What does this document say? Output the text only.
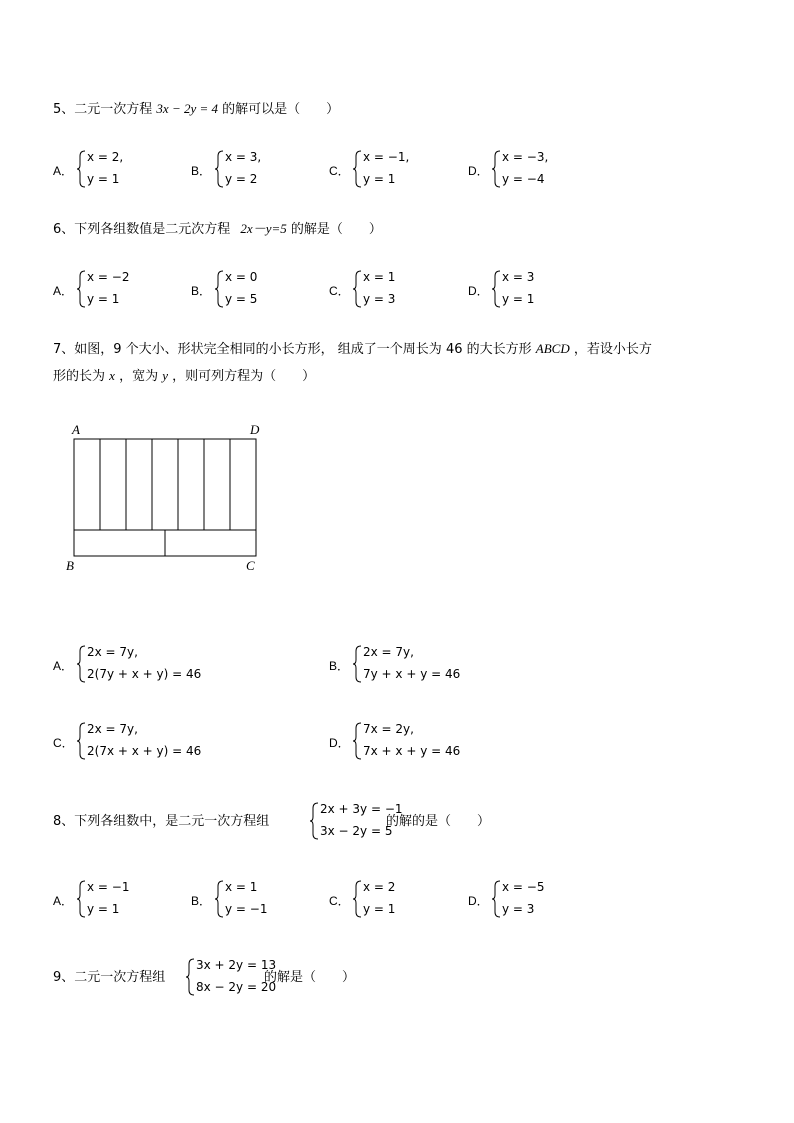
5、二元一次方程 3x − 2y = 4 的解可以是（　　）
A．
x = 2,
y = 1
B．
x = 3,
y = 2
C．
x = −1,
y = 1
D．
x = −3,
y = −4
6、下列各组数值是二元次方程 2x－y=5 的解是（　　）
A．
x = −2
y = 1
B．
x = 0
y = 5
C．
x = 1
y = 3
D．
x = 3
y = 1
7、如图，9 个大小、形状完全相同的小长方形， 组成了一个周长为 46 的大长方形 ABCD ，若设小长方
形的长为 x ，宽为 y ，则可列方程为（　　）
A	D
B	C
A．
2x = 7y,
2(7y + x + y) = 46
B．
2x = 7y,
7y + x + y = 46
C．
2x = 7y,
2(7x + x + y) = 46
D．
7x = 2y,
7x + x + y = 46
8、下列各组数中，是二元一次方程组
2x + 3y = −1
3x − 2y = 5
的解的是（　　）
A．
x = −1
y = 1
B．
x = 1
y = −1
C．
x = 2
y = 1
D．
x = −5
y = 3
9、二元一次方程组
3x + 2y = 13
8x − 2y = 20
的解是（　　）
